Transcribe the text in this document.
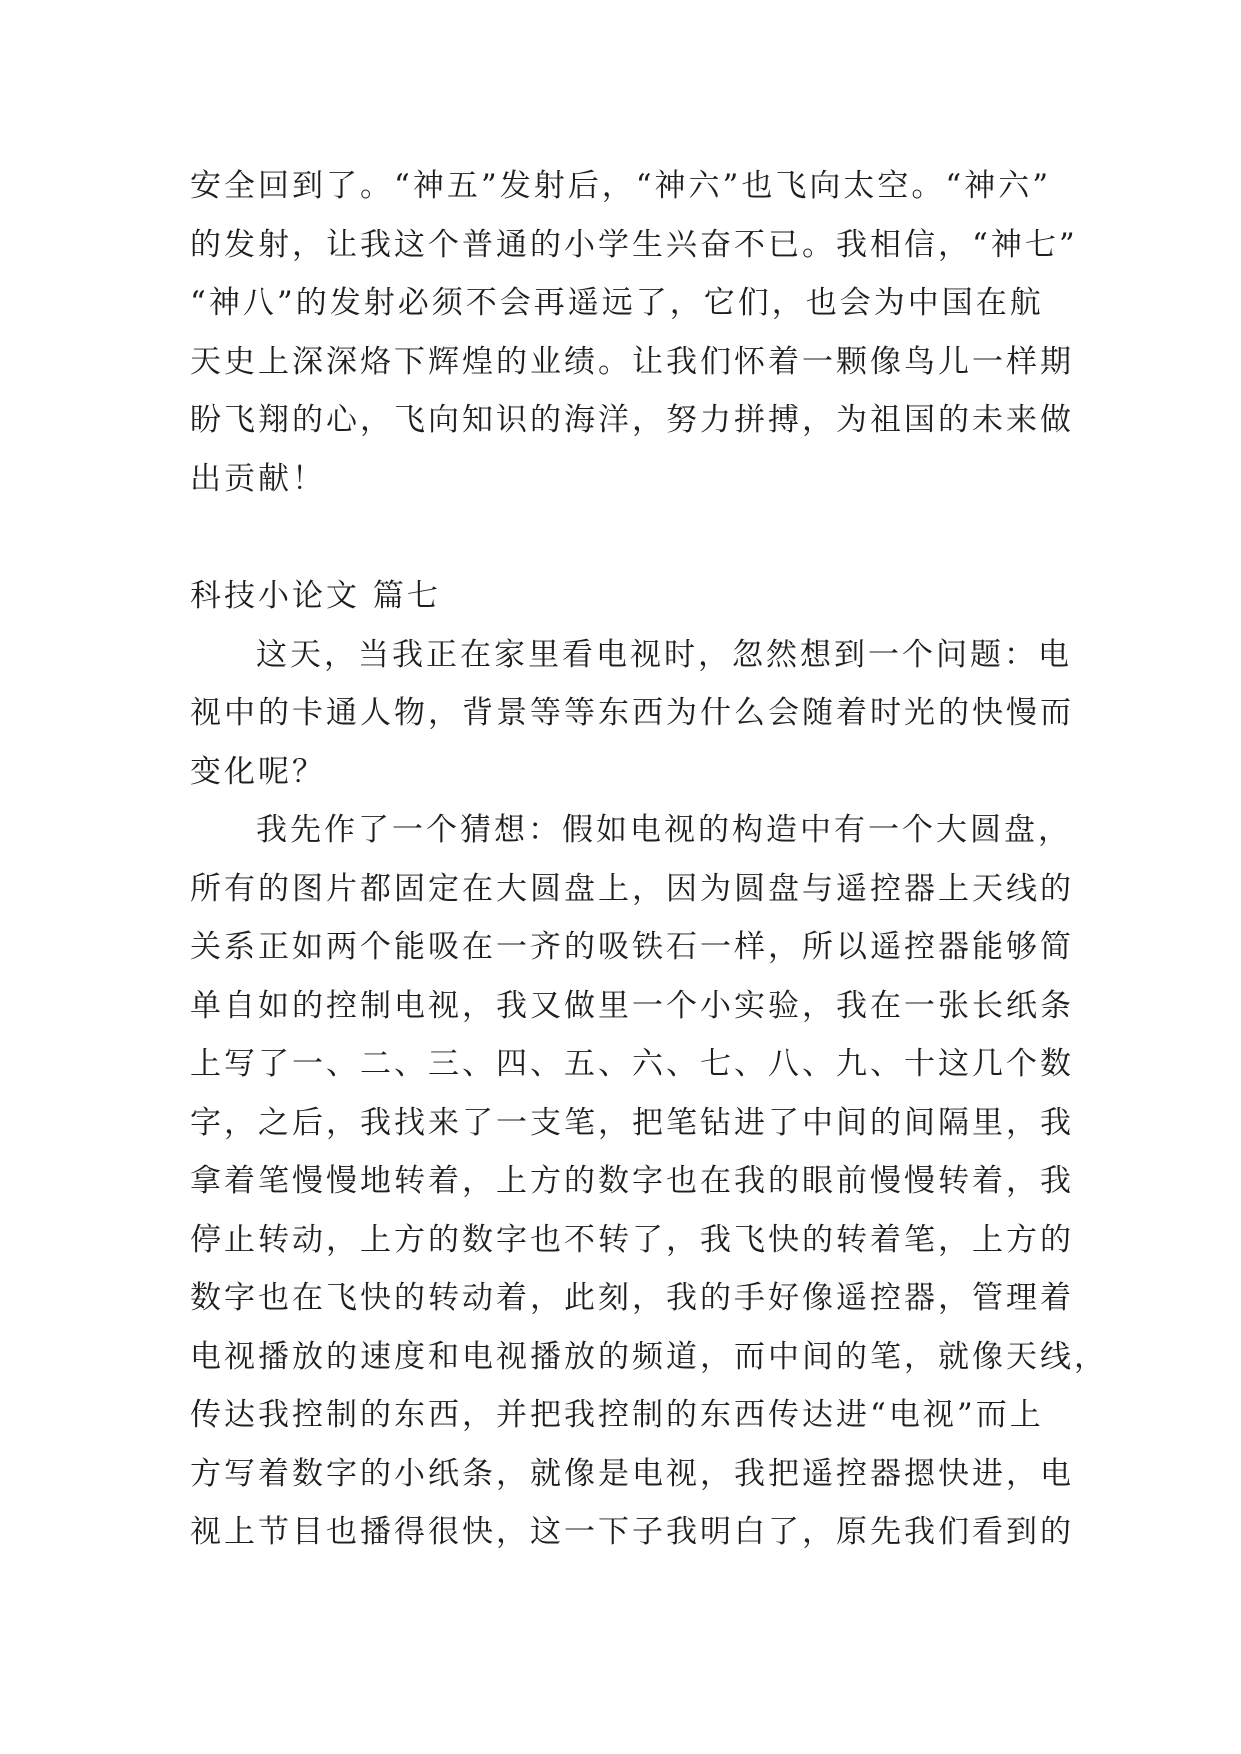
安全回到了。“神五”发射后，“神六”也飞向太空。“神六”
的发射，让我这个普通的小学生兴奋不已。我相信，“神七”
“神八”的发射必须不会再遥远了，它们，也会为中国在航
天史上深深烙下辉煌的业绩。让我们怀着一颗像鸟儿一样期
盼飞翔的心，飞向知识的海洋，努力拼搏，为祖国的未来做
出贡献！
科技小论文 篇七
这天，当我正在家里看电视时，忽然想到一个问题：电
视中的卡通人物，背景等等东西为什么会随着时光的快慢而
变化呢？
我先作了一个猜想：假如电视的构造中有一个大圆盘，
所有的图片都固定在大圆盘上，因为圆盘与遥控器上天线的
关系正如两个能吸在一齐的吸铁石一样，所以遥控器能够简
单自如的控制电视，我又做里一个小实验，我在一张长纸条
上写了一、二、三、四、五、六、七、八、九、十这几个数
字，之后，我找来了一支笔，把笔钻进了中间的间隔里，我
拿着笔慢慢地转着，上方的数字也在我的眼前慢慢转着，我
停止转动，上方的数字也不转了，我飞快的转着笔，上方的
数字也在飞快的转动着，此刻，我的手好像遥控器，管理着
电视播放的速度和电视播放的频道，而中间的笔，就像天线，
传达我控制的东西，并把我控制的东西传达进“电视”而上
方写着数字的小纸条，就像是电视，我把遥控器摁快进，电
视上节目也播得很快，这一下子我明白了，原先我们看到的
